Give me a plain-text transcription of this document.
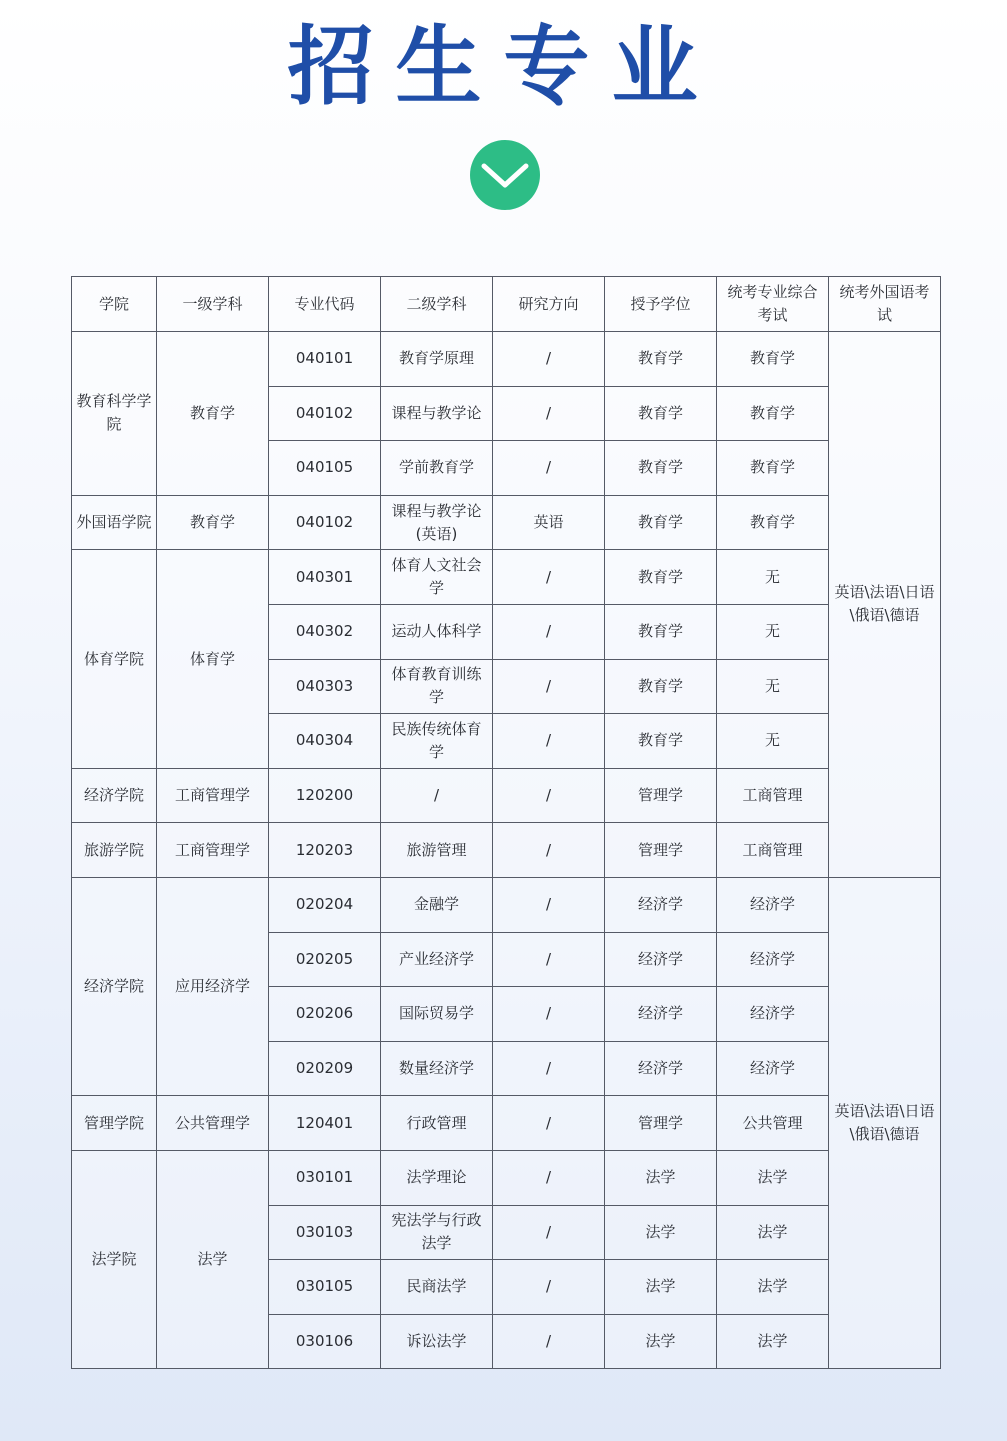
招生专业
学院	一级学科	专业代码	二级学科	研究方向	授予学位	统考专业综合考试	统考外国语考试
教育科学学院	教育学	040101	教育学原理	/	教育学	教育学	英语\法语\日语\俄语\德语
		040102	课程与教学论	/	教育学	教育学	
		040105	学前教育学	/	教育学	教育学	
外国语学院	教育学	040102	课程与教学论(英语)	英语	教育学	教育学	
体育学院	体育学	040301	体育人文社会学	/	教育学	无	
		040302	运动人体科学	/	教育学	无	
		040303	体育教育训练学	/	教育学	无	
		040304	民族传统体育学	/	教育学	无	
经济学院	工商管理学	120200	/	/	管理学	工商管理	
旅游学院	工商管理学	120203	旅游管理	/	管理学	工商管理	
经济学院	应用经济学	020204	金融学	/	经济学	经济学	英语\法语\日语\俄语\德语
		020205	产业经济学	/	经济学	经济学	
		020206	国际贸易学	/	经济学	经济学	
		020209	数量经济学	/	经济学	经济学	
管理学院	公共管理学	120401	行政管理	/	管理学	公共管理	
法学院	法学	030101	法学理论	/	法学	法学	
		030103	宪法学与行政法学	/	法学	法学	
		030105	民商法学	/	法学	法学	
		030106	诉讼法学	/	法学	法学	
